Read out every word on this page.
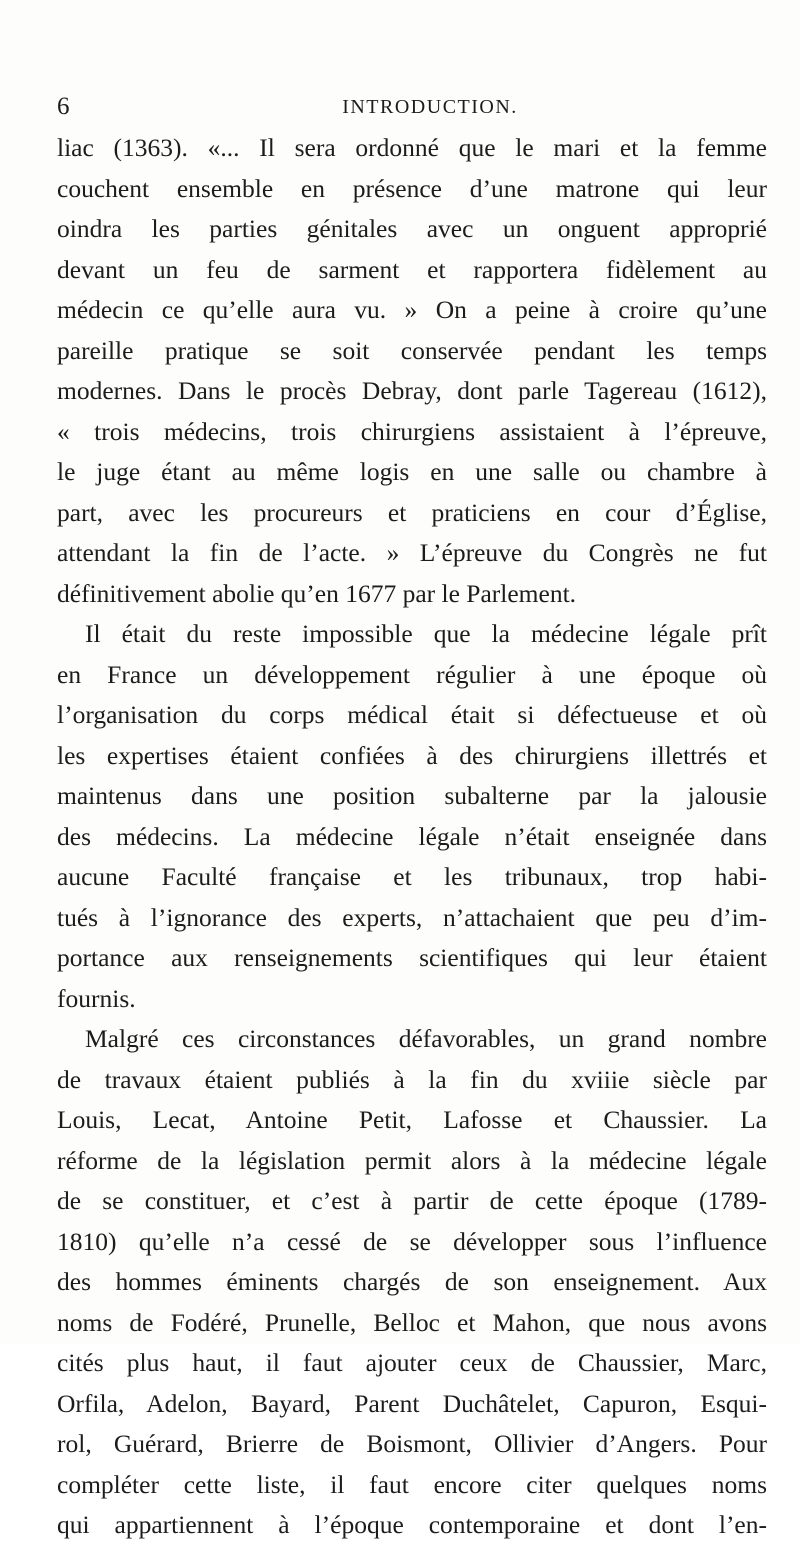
6	INTRODUCTION.
liac (1363). «... Il sera ordonné que le mari et la femme
couchent ensemble en présence d’une matrone qui leur
oindra les parties génitales avec un onguent approprié
devant un feu de sarment et rapportera fidèlement au
médecin ce qu’elle aura vu. » On a peine à croire qu’une
pareille pratique se soit conservée pendant les temps
modernes. Dans le procès Debray, dont parle Tagereau (1612),
« trois médecins, trois chirurgiens assistaient à l’épreuve,
le juge étant au même logis en une salle ou chambre à
part, avec les procureurs et praticiens en cour d’Église,
attendant la fin de l’acte. » L’épreuve du Congrès ne fut
définitivement abolie qu’en 1677 par le Parlement.
Il était du reste impossible que la médecine légale prît
en France un développement régulier à une époque où
l’organisation du corps médical était si défectueuse et où
les expertises étaient confiées à des chirurgiens illettrés et
maintenus dans une position subalterne par la jalousie
des médecins. La médecine légale n’était enseignée dans
aucune Faculté française et les tribunaux, trop habi-
tués à l’ignorance des experts, n’attachaient que peu d’im-
portance aux renseignements scientifiques qui leur étaient
fournis.
Malgré ces circonstances défavorables, un grand nombre
de travaux étaient publiés à la fin du xviiie siècle par
Louis, Lecat, Antoine Petit, Lafosse et Chaussier. La
réforme de la législation permit alors à la médecine légale
de se constituer, et c’est à partir de cette époque (1789-
1810) qu’elle n’a cessé de se développer sous l’influence
des hommes éminents chargés de son enseignement. Aux
noms de Fodéré, Prunelle, Belloc et Mahon, que nous avons
cités plus haut, il faut ajouter ceux de Chaussier, Marc,
Orfila, Adelon, Bayard, Parent Duchâtelet, Capuron, Esqui-
rol, Guérard, Brierre de Boismont, Ollivier d’Angers. Pour
compléter cette liste, il faut encore citer quelques noms
qui appartiennent à l’époque contemporaine et dont l’en-
